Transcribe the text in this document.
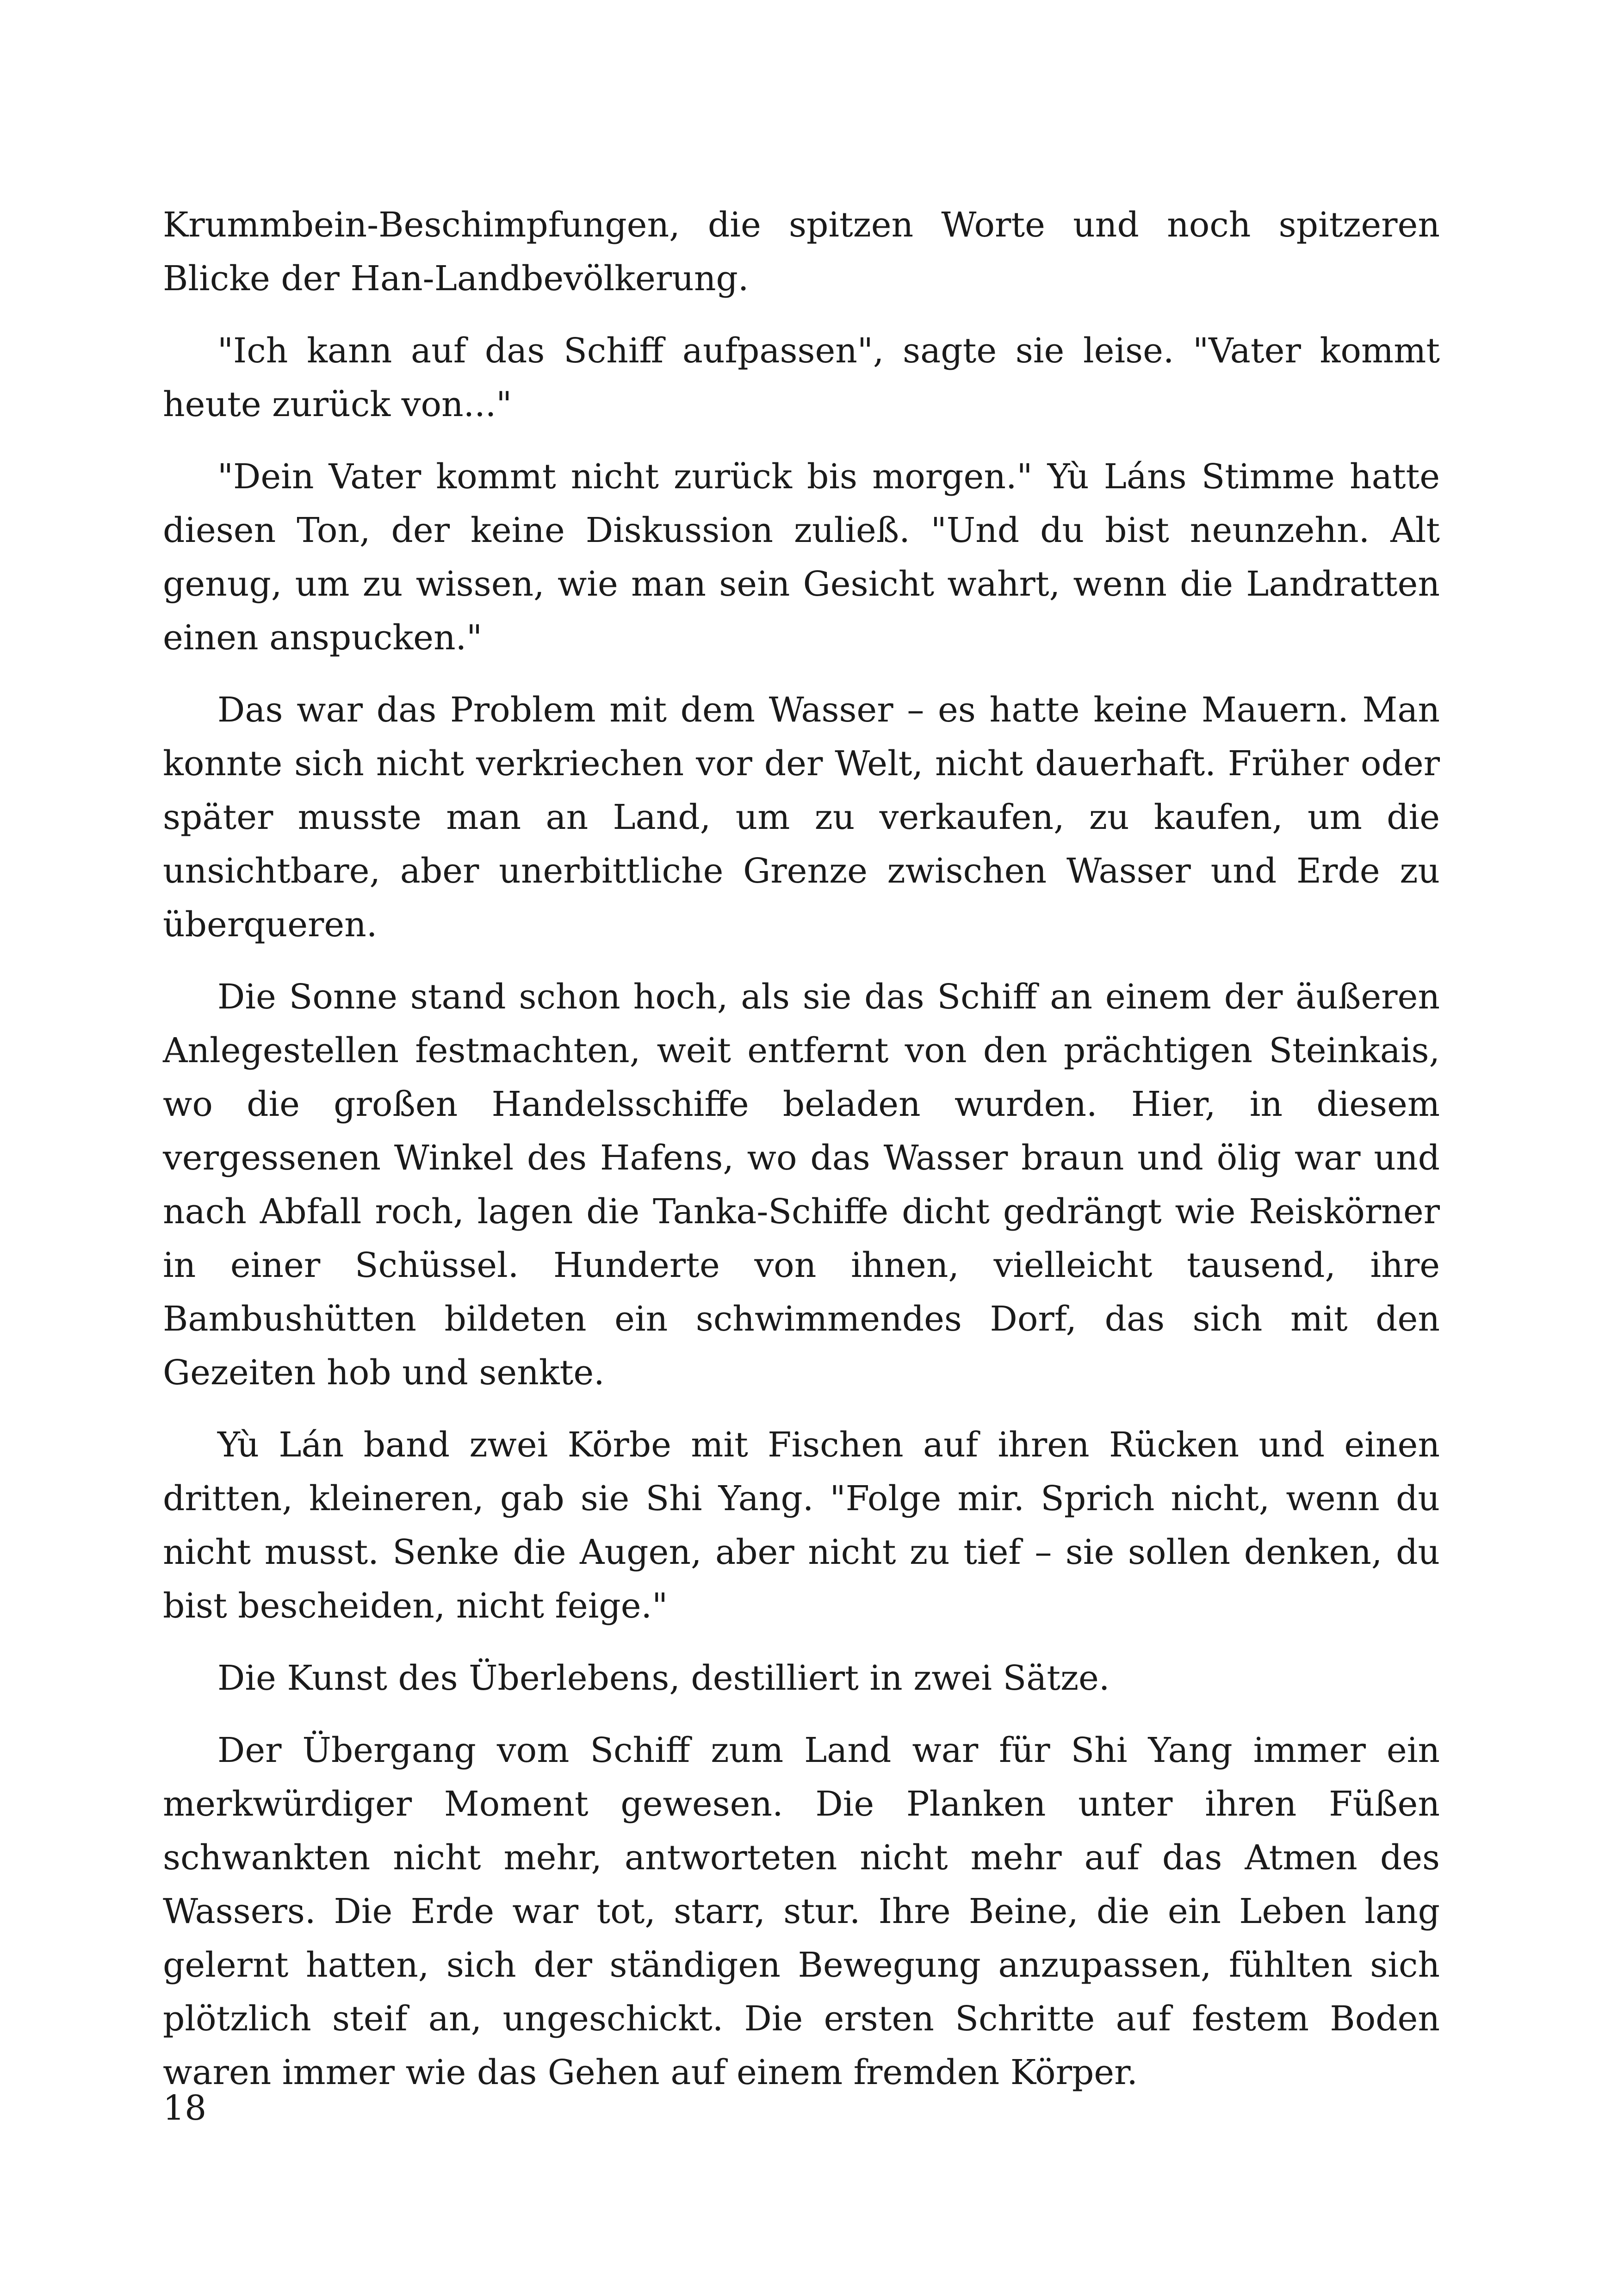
Krummbein-Beschimpfungen, die spitzen Worte und noch spitzeren Blicke der Han-Landbevölkerung.

"Ich kann auf das Schiff aufpassen", sagte sie leise. "Vater kommt heute zurück von..."

"Dein Vater kommt nicht zurück bis morgen." Yù Láns Stimme hatte diesen Ton, der keine Diskussion zuließ. "Und du bist neunzehn. Alt genug, um zu wissen, wie man sein Gesicht wahrt, wenn die Landratten einen anspucken."

Das war das Problem mit dem Wasser – es hatte keine Mauern. Man konnte sich nicht verkriechen vor der Welt, nicht dauerhaft. Früher oder später musste man an Land, um zu verkaufen, zu kaufen, um die unsichtbare, aber unerbittliche Grenze zwischen Wasser und Erde zu überqueren.

Die Sonne stand schon hoch, als sie das Schiff an einem der äußeren Anlegestellen festmachten, weit entfernt von den prächtigen Steinkais, wo die großen Handelsschiffe beladen wurden. Hier, in diesem vergessenen Winkel des Hafens, wo das Wasser braun und ölig war und nach Abfall roch, lagen die Tanka-Schiffe dicht gedrängt wie Reiskörner in einer Schüssel. Hunderte von ihnen, vielleicht tausend, ihre Bambushütten bildeten ein schwimmendes Dorf, das sich mit den Gezeiten hob und senkte.

Yù Lán band zwei Körbe mit Fischen auf ihren Rücken und einen dritten, kleineren, gab sie Shi Yang. "Folge mir. Sprich nicht, wenn du nicht musst. Senke die Augen, aber nicht zu tief – sie sollen denken, du bist bescheiden, nicht feige."

Die Kunst des Überlebens, destilliert in zwei Sätze.

Der Übergang vom Schiff zum Land war für Shi Yang immer ein merkwürdiger Moment gewesen. Die Planken unter ihren Füßen schwankten nicht mehr, antworteten nicht mehr auf das Atmen des Wassers. Die Erde war tot, starr, stur. Ihre Beine, die ein Leben lang gelernt hatten, sich der ständigen Bewegung anzupassen, fühlten sich plötzlich steif an, ungeschickt. Die ersten Schritte auf festem Boden waren immer wie das Gehen auf einem fremden Körper.

18
